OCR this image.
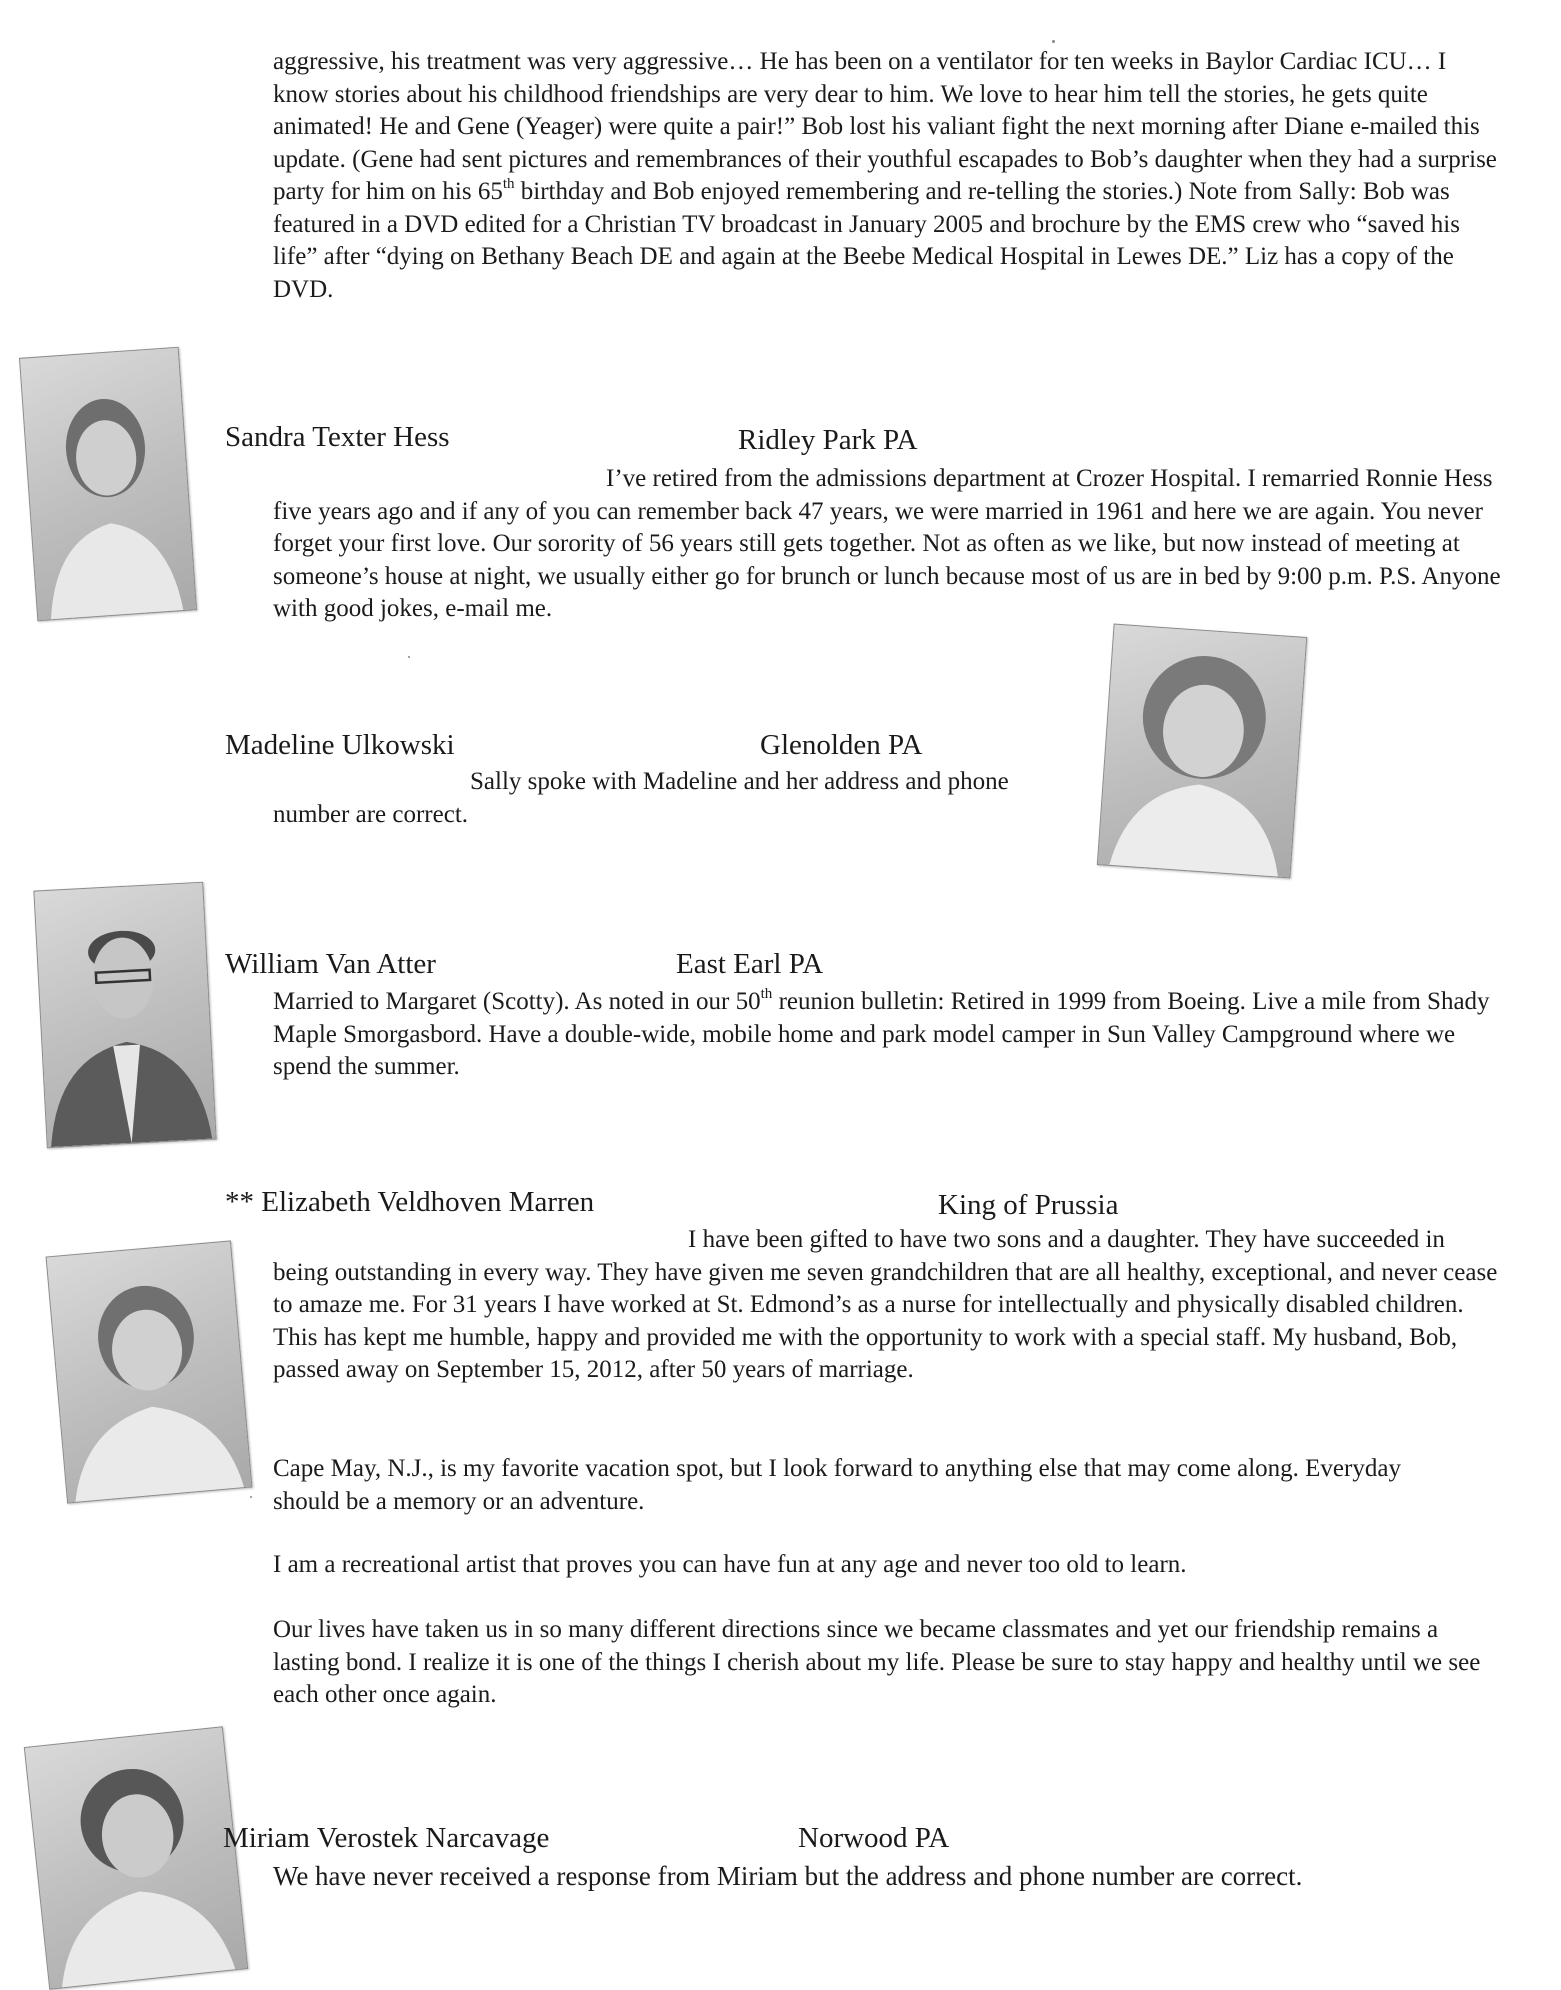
aggressive, his treatment was very aggressive… He has been on a ventilator for ten weeks in Baylor Cardiac ICU… I know stories about his childhood friendships are very dear to him. We love to hear him tell the stories, he gets quite animated! He and Gene (Yeager) were quite a pair!” Bob lost his valiant fight the next morning after Diane e-mailed this update. (Gene had sent pictures and remembrances of their youthful escapades to Bob’s daughter when they had a surprise party for him on his 65th birthday and Bob enjoyed remembering and re-telling the stories.) Note from Sally: Bob was featured in a DVD edited for a Christian TV broadcast in January 2005 and brochure by the EMS crew who “saved his life” after “dying on Bethany Beach DE and again at the Beebe Medical Hospital in Lewes DE.” Liz has a copy of the DVD.

Sandra Texter Hess	Ridley Park PA

I’ve retired from the admissions department at Crozer Hospital. I remarried Ronnie Hess five years ago and if any of you can remember back 47 years, we were married in 1961 and here we are again. You never forget your first love. Our sorority of 56 years still gets together. Not as often as we like, but now instead of meeting at someone’s house at night, we usually either go for brunch or lunch because most of us are in bed by 9:00 p.m. P.S. Anyone with good jokes, e-mail me.

Madeline Ulkowski	Glenolden PA

Sally spoke with Madeline and her address and phone number are correct.

William Van Atter	East Earl PA

Married to Margaret (Scotty). As noted in our 50th reunion bulletin: Retired in 1999 from Boeing. Live a mile from Shady Maple Smorgasbord. Have a double-wide, mobile home and park model camper in Sun Valley Campground where we spend the summer.

** Elizabeth Veldhoven Marren	King of Prussia

I have been gifted to have two sons and a daughter. They have succeeded in being outstanding in every way. They have given me seven grandchildren that are all healthy, exceptional, and never cease to amaze me. For 31 years I have worked at St. Edmond’s as a nurse for intellectually and physically disabled children. This has kept me humble, happy and provided me with the opportunity to work with a special staff. My husband, Bob, passed away on September 15, 2012, after 50 years of marriage.

Cape May, N.J., is my favorite vacation spot, but I look forward to anything else that may come along. Everyday should be a memory or an adventure.

I am a recreational artist that proves you can have fun at any age and never too old to learn.

Our lives have taken us in so many different directions since we became classmates and yet our friendship remains a lasting bond. I realize it is one of the things I cherish about my life. Please be sure to stay happy and healthy until we see each other once again.

Miriam Verostek Narcavage	Norwood PA

We have never received a response from Miriam but the address and phone number are correct.
